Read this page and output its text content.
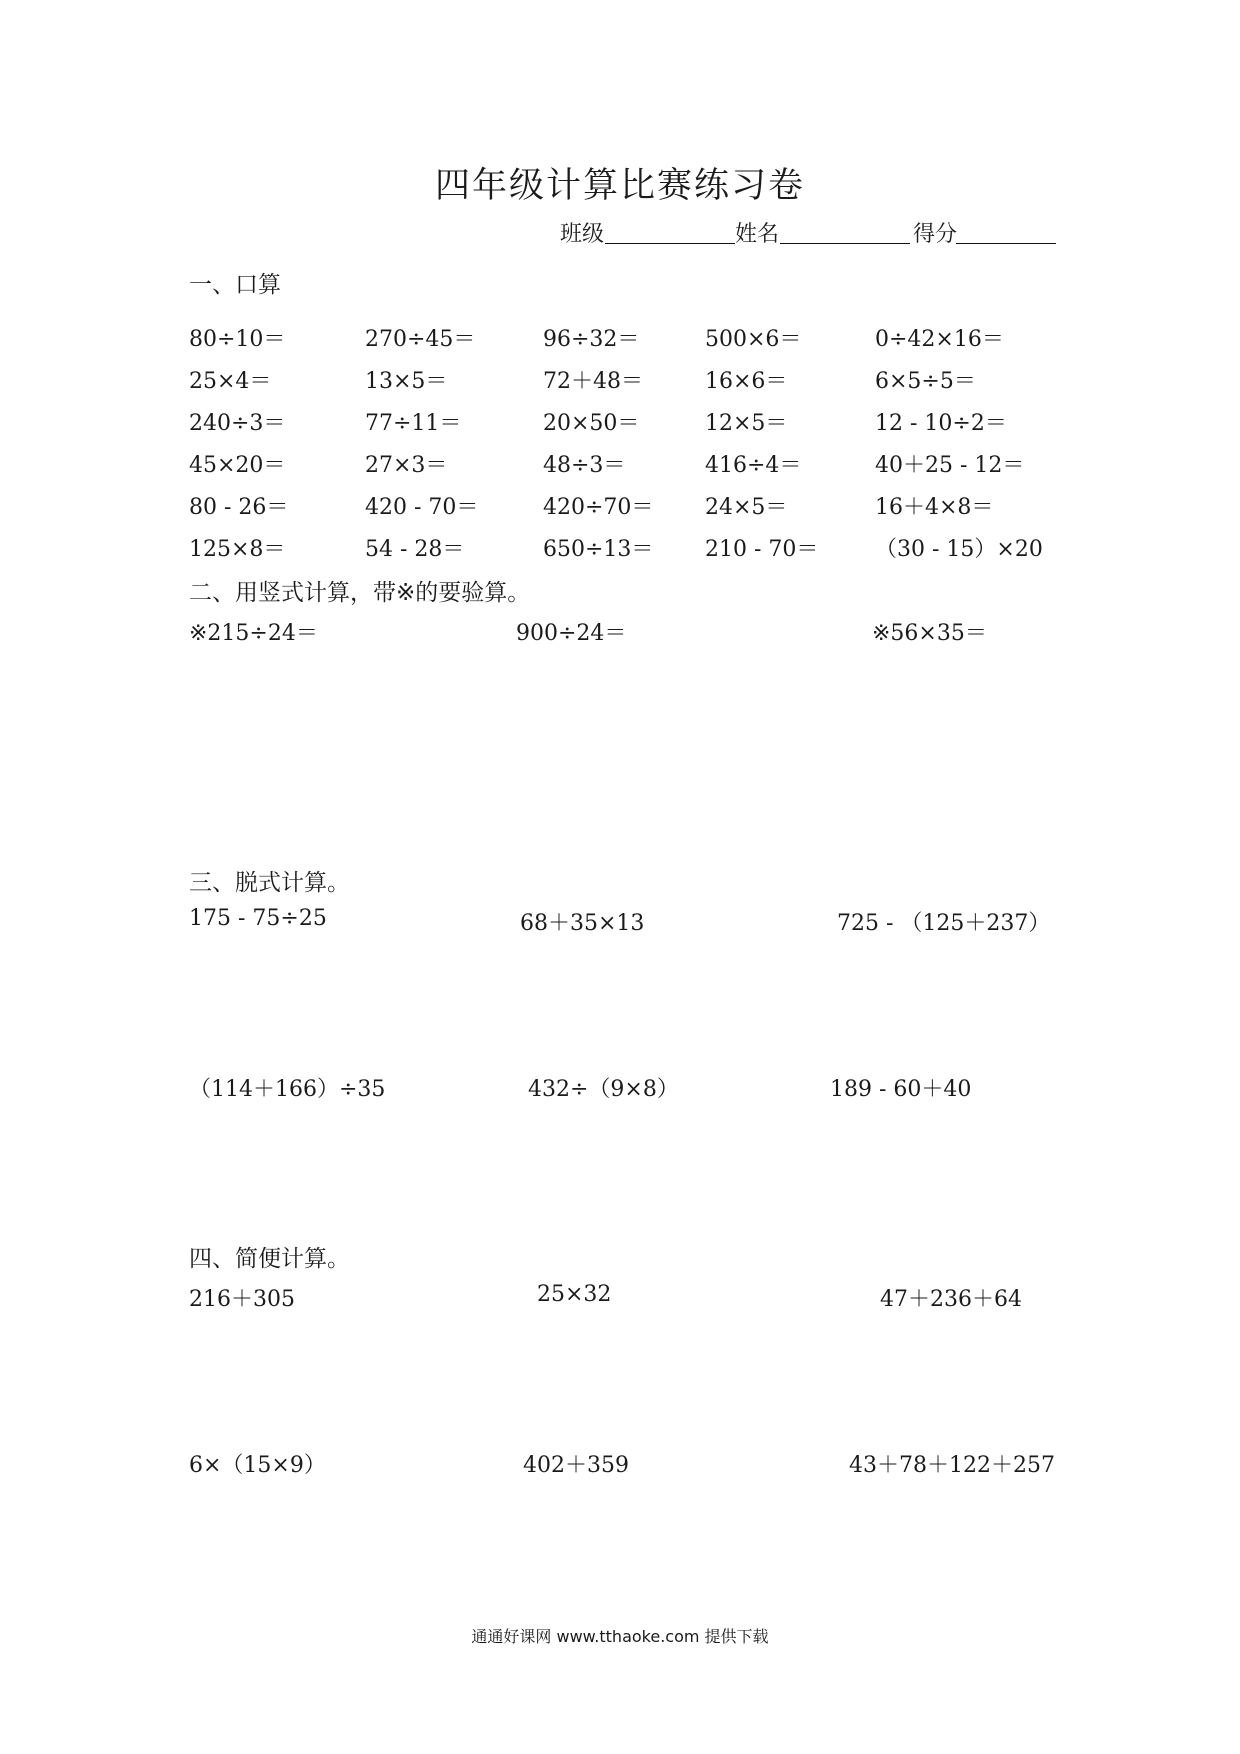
四年级计算比赛练习卷
班级	姓名	得分
一、口算
80÷10＝	270÷45＝	96÷32＝	500×6＝	0÷42×16＝
25×4＝	13×5＝	72＋48＝	16×6＝	6×5÷5＝
240÷3＝	77÷11＝	20×50＝	12×5＝	12 - 10÷2＝
45×20＝	27×3＝	48÷3＝	416÷4＝	40＋25 - 12＝
80 - 26＝	420 - 70＝	420÷70＝ 24×5＝	16＋4×8＝
125×8＝	54 - 28＝	650÷13＝ 210 - 70＝	（30 - 15）×20
二、用竖式计算，带※的要验算。
※215÷24＝	900÷24＝	※56×35＝
三、脱式计算。
175 - 75÷25	68＋35×13	725 - （125＋237）
（114＋166）÷35	432÷（9×8）	189 - 60＋40
四、简便计算。
216＋305	25×32	47＋236＋64
6×（15×9）	402＋359	43＋78＋122＋257
通通好课网 www.tthaoke.com 提供下载
